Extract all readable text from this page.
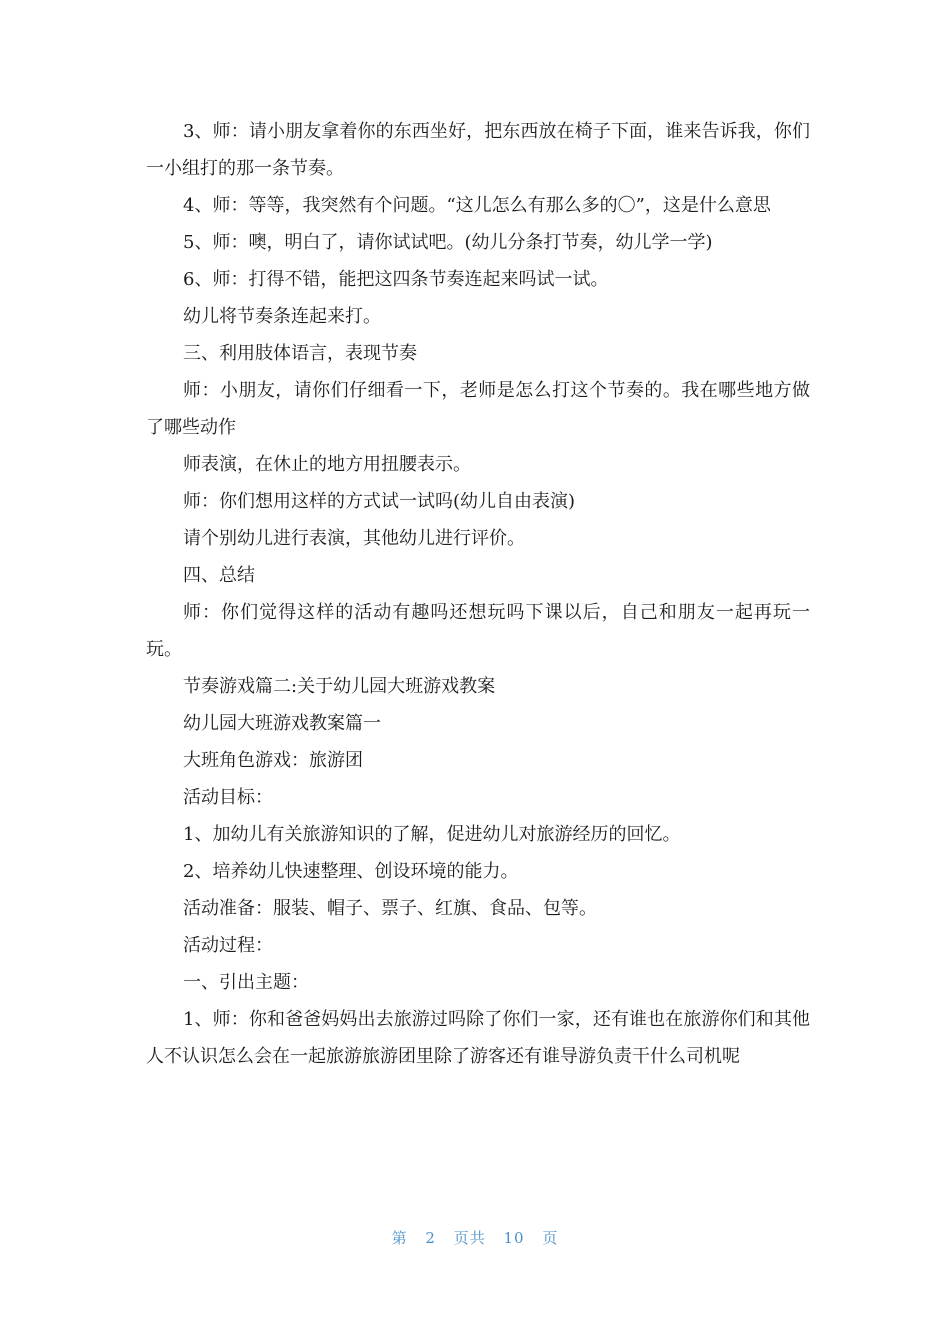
3、师：请小朋友拿着你的东西坐好，把东西放在椅子下面，谁来告诉我，你们一小组打的那一条节奏。

4、师：等等，我突然有个问题。“这儿怎么有那么多的〇”，这是什么意思

5、师：噢，明白了，请你试试吧。(幼儿分条打节奏，幼儿学一学)

6、师：打得不错，能把这四条节奏连起来吗试一试。

幼儿将节奏条连起来打。

三、利用肢体语言，表现节奏

师：小朋友，请你们仔细看一下，老师是怎么打这个节奏的。我在哪些地方做了哪些动作

师表演，在休止的地方用扭腰表示。

师：你们想用这样的方式试一试吗(幼儿自由表演)

请个别幼儿进行表演，其他幼儿进行评价。

四、总结

师：你们觉得这样的活动有趣吗还想玩吗下课以后，自己和朋友一起再玩一玩。

节奏游戏篇二:关于幼儿园大班游戏教案

幼儿园大班游戏教案篇一

大班角色游戏：旅游团

活动目标：

1、加幼儿有关旅游知识的了解，促进幼儿对旅游经历的回忆。

2、培养幼儿快速整理、创设环境的能力。

活动准备：服装、帽子、票子、红旗、食品、包等。

活动过程：

一、引出主题：

1、师：你和爸爸妈妈出去旅游过吗除了你们一家，还有谁也在旅游你们和其他人不认识怎么会在一起旅游旅游团里除了游客还有谁导游负责干什么司机呢

第 2 页共 10 页
